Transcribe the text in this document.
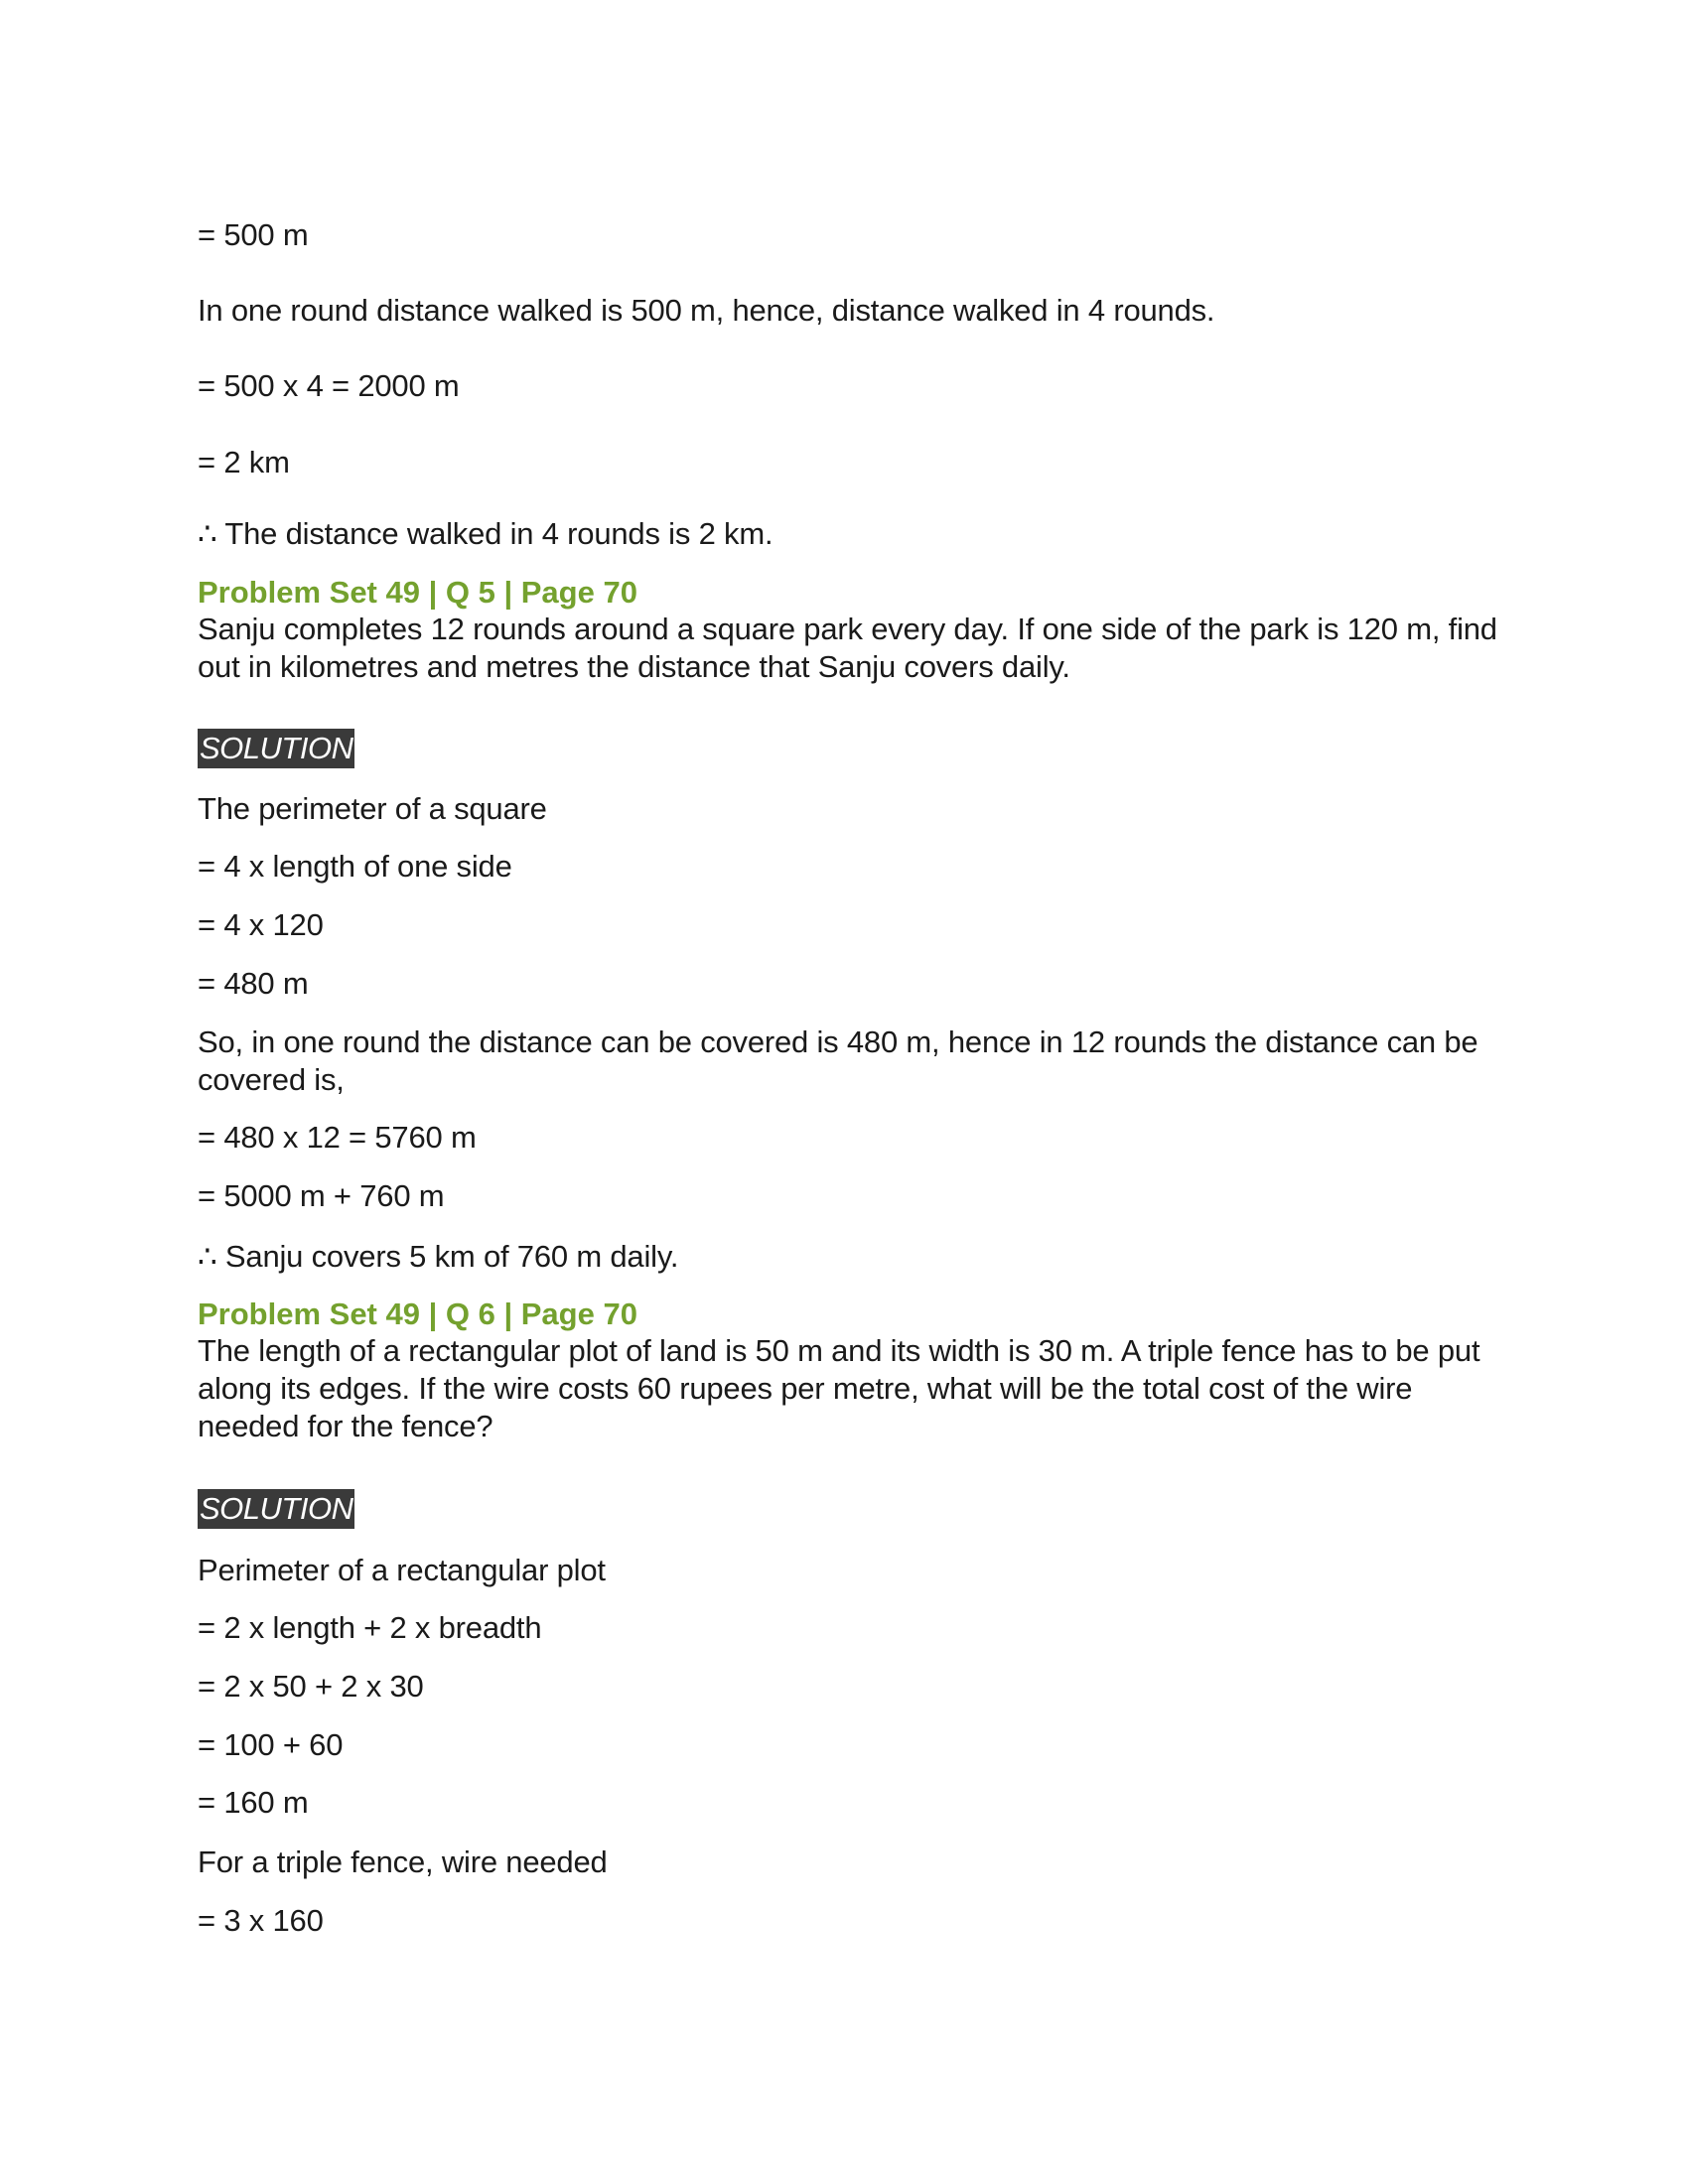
= 500 m
In one round distance walked is 500 m, hence, distance walked in 4 rounds.
= 500 x 4 = 2000 m
= 2 km
∴ The distance walked in 4 rounds is 2 km.
Problem Set 49 | Q 5 | Page 70
Sanju completes 12 rounds around a square park every day. If one side of the park is 120 m, find out in kilometres and metres the distance that Sanju covers daily.
SOLUTION
The perimeter of a square
= 4 x length of one side
= 4 x 120
= 480 m
So, in one round the distance can be covered is 480 m, hence in 12 rounds the distance can be covered is,
= 480 x 12 = 5760 m
= 5000 m + 760 m
∴ Sanju covers 5 km of 760 m daily.
Problem Set 49 | Q 6 | Page 70
The length of a rectangular plot of land is 50 m and its width is 30 m. A triple fence has to be put along its edges. If the wire costs 60 rupees per metre, what will be the total cost of the wire needed for the fence?
SOLUTION
Perimeter of a rectangular plot
= 2 x length + 2 x breadth
= 2 x 50 + 2 x 30
= 100 + 60
= 160 m
For a triple fence, wire needed
= 3 x 160
